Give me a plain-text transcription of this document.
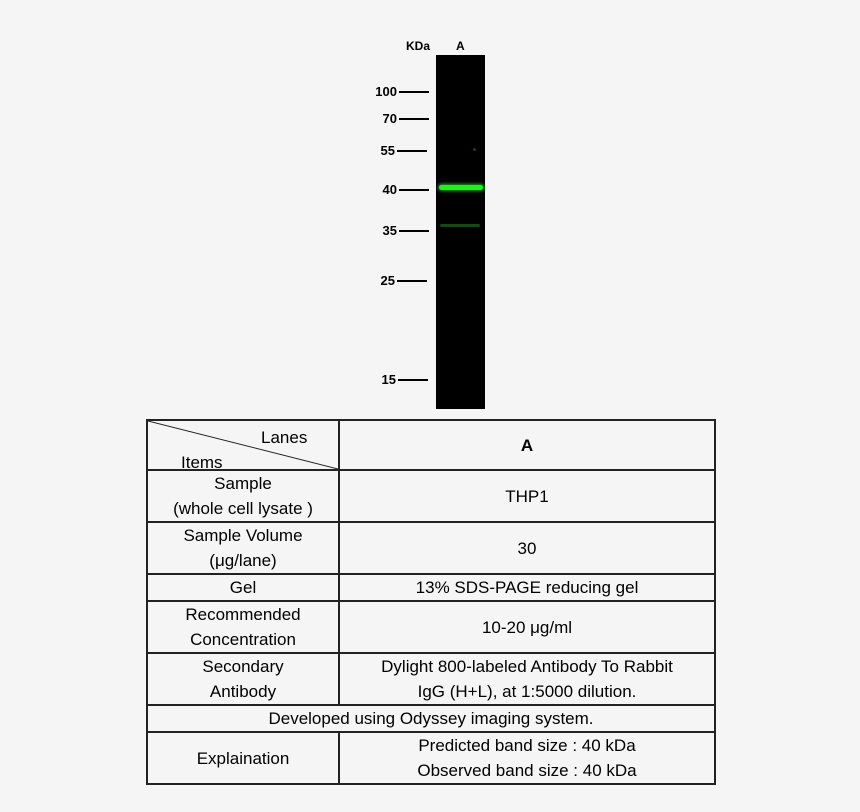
KDa A
100
70
55
40
35
25
15
Lanes
Items	A

Sample
(whole cell lysate )	THP1

Sample Volume
(μg/lane)	30
Gel	13% SDS-PAGE reducing gel

Recommended
Concentration	10-20 μg/ml

Secondary
Antibody	Dylight 800-labeled Antibody To Rabbit
IgG (H+L), at 1:5000 dilution.

Developed using Odyssey imaging system.	
Explaination	Predicted band size : 40 kDa
Observed band size : 40 kDa
